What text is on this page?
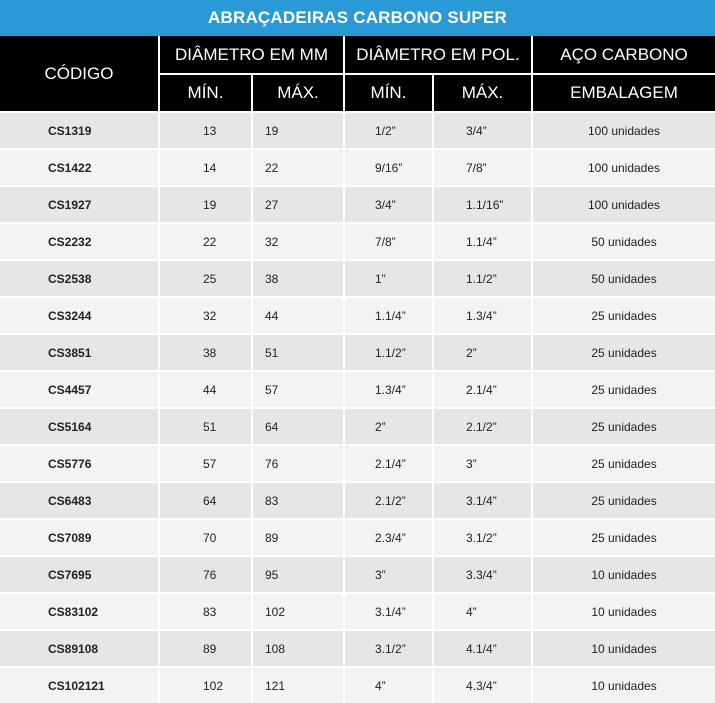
ABRAÇADEIRAS CARBONO SUPER
CÓDIGO	DIÂMETRO EM MM		DIÂMETRO EM POL.		AÇO CARBONO
	MÍN.	MÁX.	MÍN.	MÁX.	EMBALAGEM
CS1319	13	19	1/2”	3/4”	100 unidades
CS1422	14	22	9/16”	7/8”	100 unidades
CS1927	19	27	3/4”	1.1/16”	100 unidades
CS2232	22	32	7/8”	1.1/4”	50 unidades
CS2538	25	38	1”	1.1/2”	50 unidades
CS3244	32	44	1.1/4”	1.3/4”	25 unidades
CS3851	38	51	1.1/2”	2”	25 unidades
CS4457	44	57	1.3/4”	2.1/4”	25 unidades
CS5164	51	64	2”	2.1/2”	25 unidades
CS5776	57	76	2.1/4”	3”	25 unidades
CS6483	64	83	2.1/2”	3.1/4”	25 unidades
CS7089	70	89	2.3/4”	3.1/2”	25 unidades
CS7695	76	95	3”	3.3/4”	10 unidades
CS83102	83	102	3.1/4”	4”	10 unidades
CS89108	89	108	3.1/2”	4.1/4”	10 unidades
CS102121	102	121	4”	4.3/4”	10 unidades
